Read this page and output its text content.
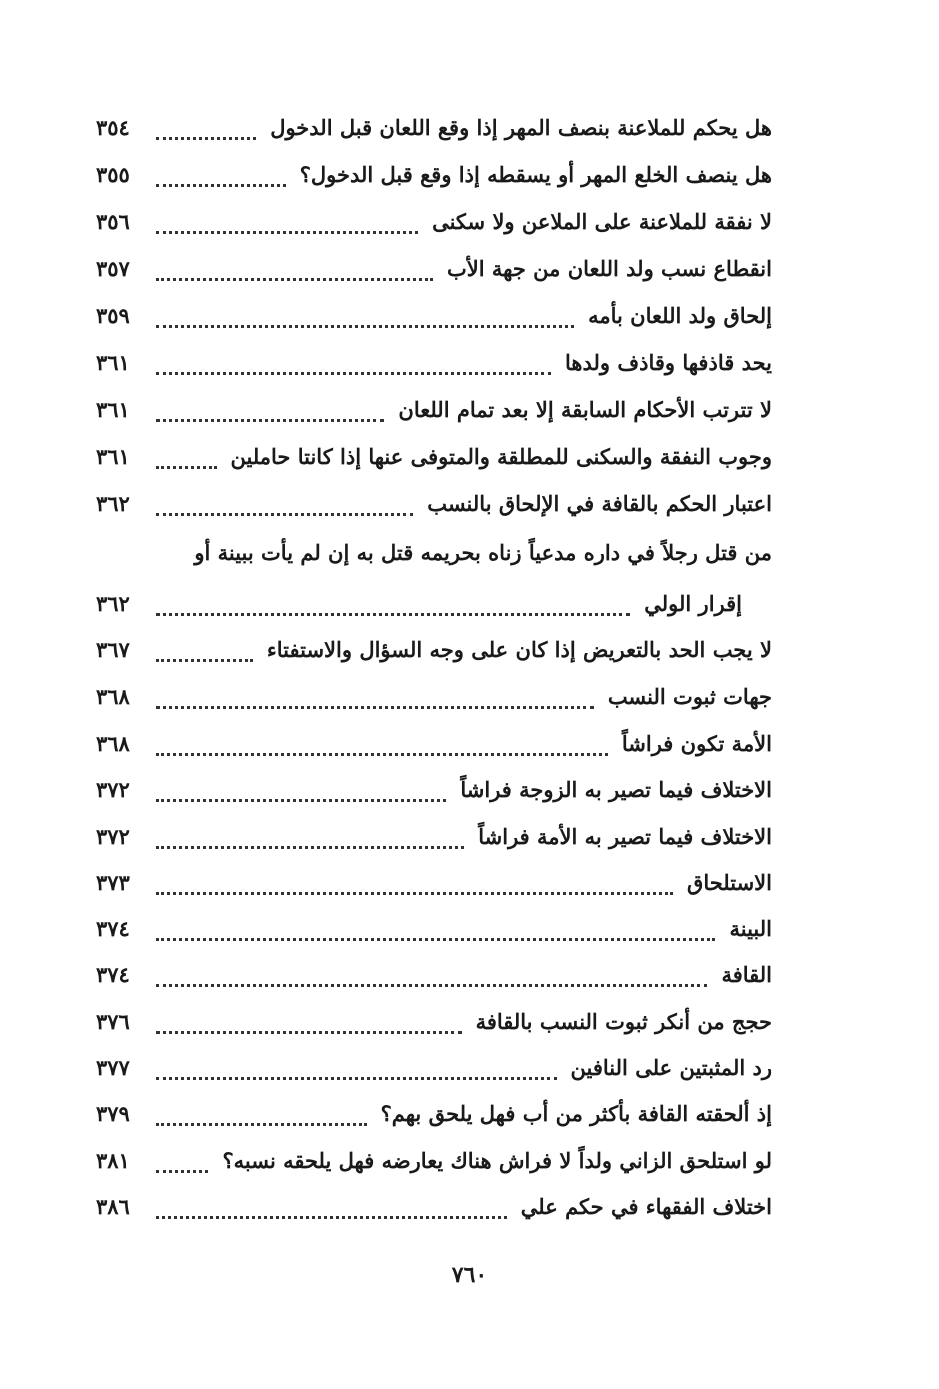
هل يحكم للملاعنة بنصف المهر إذا وقع اللعان قبل الدخول
٣٥٤
هل ينصف الخلع المهر أو يسقطه إذا وقع قبل الدخول؟
٣٥٥
لا نفقة للملاعنة على الملاعن ولا سكنى
٣٥٦
انقطاع نسب ولد اللعان من جهة الأب
٣٥٧
إلحاق ولد اللعان بأمه
٣٥٩
يحد قاذفها وقاذف ولدها
٣٦١
لا تترتب الأحكام السابقة إلا بعد تمام اللعان
٣٦١
وجوب النفقة والسكنى للمطلقة والمتوفى عنها إذا كانتا حاملين
٣٦١
اعتبار الحكم بالقافة في الإلحاق بالنسب
٣٦٢
من قتل رجلاً في داره مدعياً زناه بحريمه قتل به إن لم يأت ببينة أو
إقرار الولي
٣٦٢
لا يجب الحد بالتعريض إذا كان على وجه السؤال والاستفتاء
٣٦٧
جهات ثبوت النسب
٣٦٨
الأمة تكون فراشاً
٣٦٨
الاختلاف فيما تصير به الزوجة فراشاً
٣٧٢
الاختلاف فيما تصير به الأمة فراشاً
٣٧٢
الاستلحاق
٣٧٣
البينة
٣٧٤
القافة
٣٧٤
حجج من أنكر ثبوت النسب بالقافة
٣٧٦
رد المثبتين على النافين
٣٧٧
إذ ألحقته القافة بأكثر من أب فهل يلحق بهم؟
٣٧٩
لو استلحق الزاني ولداً لا فراش هناك يعارضه فهل يلحقه نسبه؟
٣٨١
اختلاف الفقهاء في حكم علي
٣٨٦
٧٦٠
